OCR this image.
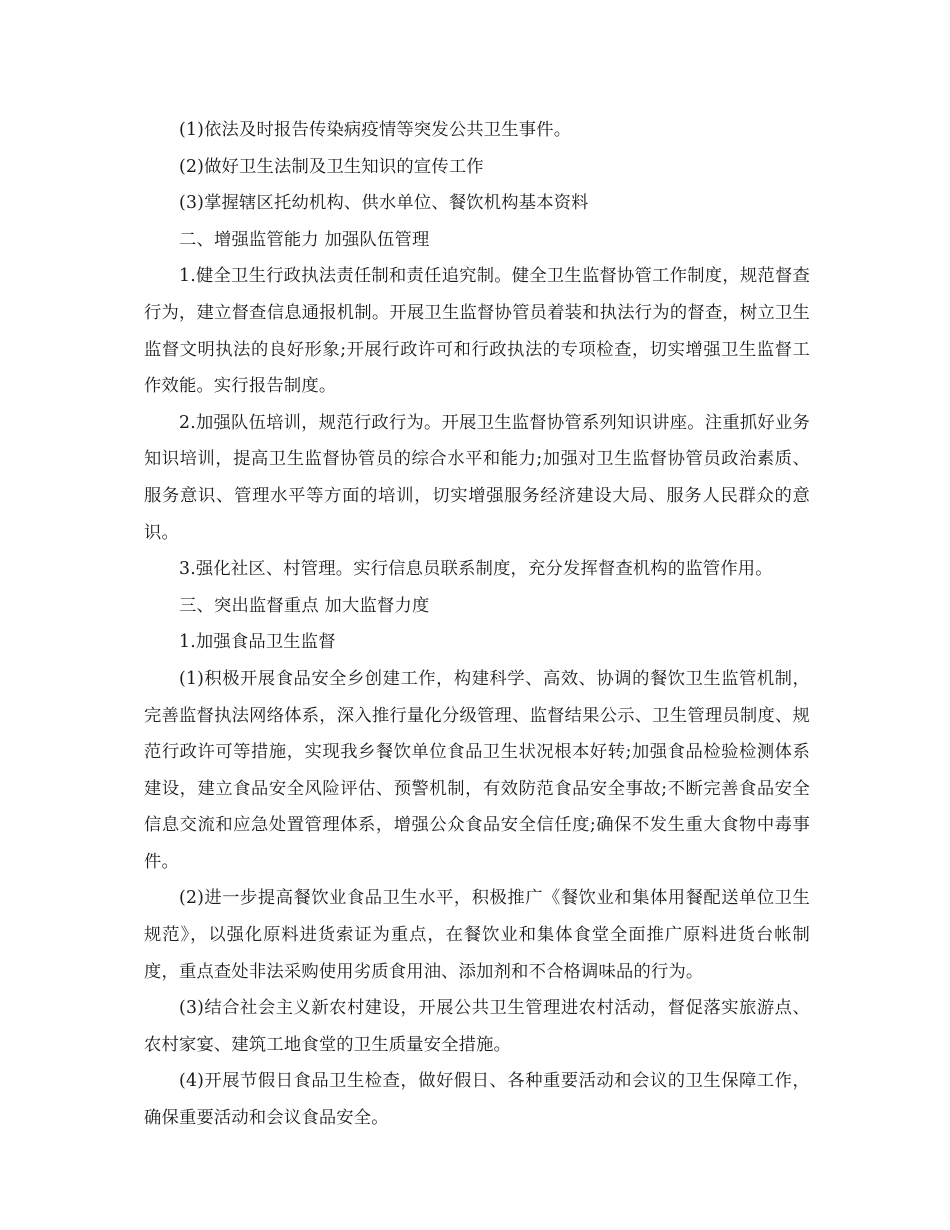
(1)依法及时报告传染病疫情等突发公共卫生事件。

(2)做好卫生法制及卫生知识的宣传工作

(3)掌握辖区托幼机构、供水单位、餐饮机构基本资料

二、增强监管能力 加强队伍管理

1.健全卫生行政执法责任制和责任追究制。健全卫生监督协管工作制度，规范督查行为，建立督查信息通报机制。开展卫生监督协管员着装和执法行为的督查，树立卫生监督文明执法的良好形象;开展行政许可和行政执法的专项检查，切实增强卫生监督工作效能。实行报告制度。

2.加强队伍培训，规范行政行为。开展卫生监督协管系列知识讲座。注重抓好业务知识培训，提高卫生监督协管员的综合水平和能力;加强对卫生监督协管员政治素质、服务意识、管理水平等方面的培训，切实增强服务经济建设大局、服务人民群众的意识。

3.强化社区、村管理。实行信息员联系制度，充分发挥督查机构的监管作用。

三、突出监督重点 加大监督力度

1.加强食品卫生监督

(1)积极开展食品安全乡创建工作，构建科学、高效、协调的餐饮卫生监管机制，完善监督执法网络体系，深入推行量化分级管理、监督结果公示、卫生管理员制度、规范行政许可等措施，实现我乡餐饮单位食品卫生状况根本好转;加强食品检验检测体系建设，建立食品安全风险评估、预警机制，有效防范食品安全事故;不断完善食品安全信息交流和应急处置管理体系，增强公众食品安全信任度;确保不发生重大食物中毒事件。

(2)进一步提高餐饮业食品卫生水平，积极推广《餐饮业和集体用餐配送单位卫生规范》，以强化原料进货索证为重点，在餐饮业和集体食堂全面推广原料进货台帐制度，重点查处非法采购使用劣质食用油、添加剂和不合格调味品的行为。

(3)结合社会主义新农村建设，开展公共卫生管理进农村活动，督促落实旅游点、农村家宴、建筑工地食堂的卫生质量安全措施。

(4)开展节假日食品卫生检查，做好假日、各种重要活动和会议的卫生保障工作，确保重要活动和会议食品安全。
